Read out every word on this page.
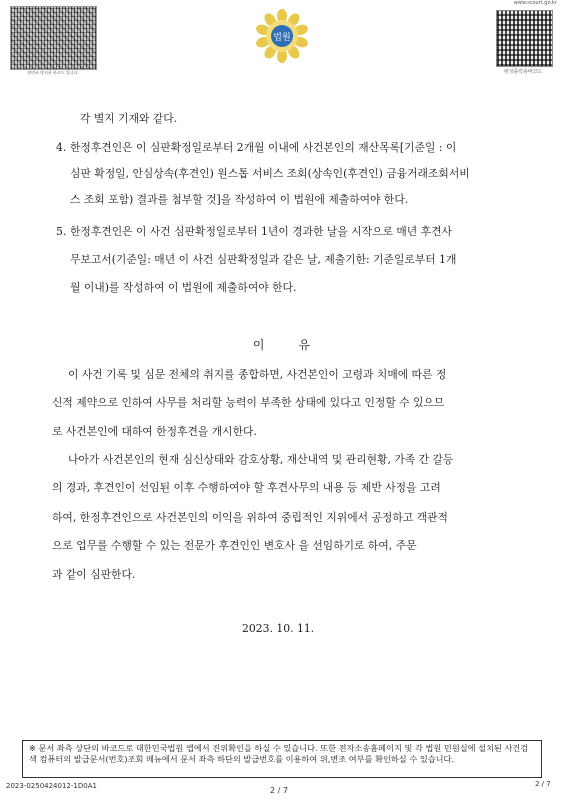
위변조 방지용 바코드 입니다.
법원
www.scourt.go.kr
위성출력용바코드
각 별지 기재와 같다.
4. 한정후견인은 이 심판확정일로부터 2개월 이내에 사건본인의 재산목록[기준일 : 이
심판 확정일, 안심상속(후견인) 원스톱 서비스 조회(상속인(후견인) 금융거래조회서비
스 조회 포함) 결과를 첨부할 것]을 작성하여 이 법원에 제출하여야 한다.
5. 한정후견인은 이 사건 심판확정일로부터 1년이 경과한 날을 시작으로 매년 후견사
무보고서(기준일: 매년 이 사건 심판확정일과 같은 날, 제출기한: 기준일로부터 1개
월 이내)를 작성하여 이 법원에 제출하여야 한다.
이	유
이 사건 기록 및 심문 전체의 취지를 종합하면, 사건본인이 고령과 치매에 따른 정
신적 제약으로 인하여 사무를 처리할 능력이 부족한 상태에 있다고 인정할 수 있으므
로 사건본인에 대하여 한정후견을 개시한다.
나아가 사건본인의 현재 심신상태와 감호상황, 재산내역 및 관리현황, 가족 간 갈등
의 경과, 후견인이 선임된 이후 수행하여야 할 후견사무의 내용 등 제반 사정을 고려
하여, 한정후견인으로 사건본인의 이익을 위하여 중립적인 지위에서 공정하고 객관적
으로 업무를 수행할 수 있는 전문가 후견인인 변호사 을 선임하기로 하여, 주문
과 같이 심판한다.
2023. 10. 11.
※ 문서 좌측 상단의 바코드로 대한민국법원 앱에서 진위확인을 하실 수 있습니다. 또한 전자소송홈페이지 및 각 법원 민원실에 설치된 사건검색 컴퓨터의 발급문서(번호)조회 메뉴에서 문서 좌측 하단의 발급번호를 이용하여 위,변조 여부를 확인하실 수 있습니다.
2023-0250424012-1D0A1	2 / 7
2 / 7
